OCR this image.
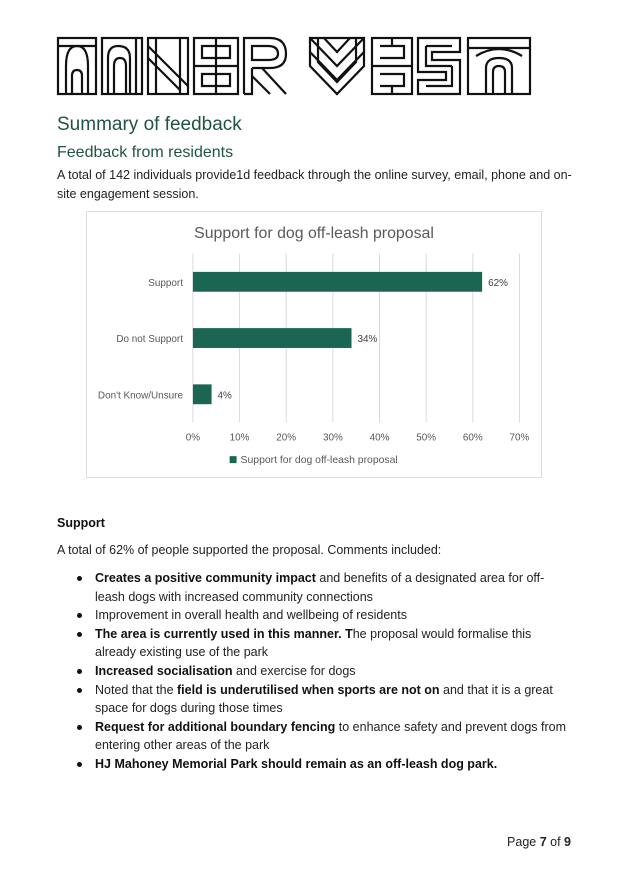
Summary of feedback
Feedback from residents
A total of 142 individuals provide1d feedback through the online survey, email, phone and on-site engagement session.
Support for dog off-leash proposal
0%	10%	20%	30%	40%	50%	60%	70%
Support	62%
Do not Support	34%
Don't Know/Unsure	4%
Support for dog off-leash proposal
Support
A total of 62% of people supported the proposal. Comments included:
Creates a positive community impact and benefits of a designated area for off-leash dogs with increased community connections
Improvement in overall health and wellbeing of residents
The area is currently used in this manner. The proposal would formalise this already existing use of the park
Increased socialisation and exercise for dogs
Noted that the field is underutilised when sports are not on and that it is a great space for dogs during those times
Request for additional boundary fencing to enhance safety and prevent dogs from entering other areas of the park
HJ Mahoney Memorial Park should remain as an off-leash dog park.
Page 7 of 9
